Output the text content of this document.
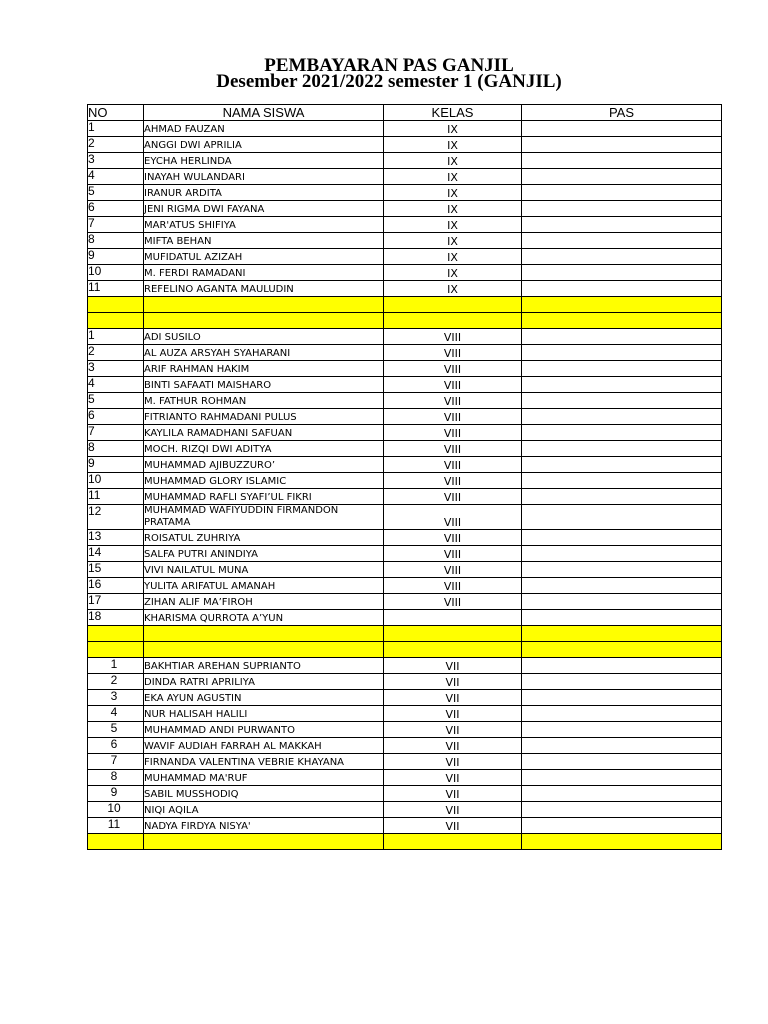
PEMBAYARAN PAS GANJIL
Desember 2021/2022 semester 1 (GANJIL)
NO	NAMA SISWA	KELAS	PAS
1	AHMAD FAUZAN	IX	
2	ANGGI DWI APRILIA	IX	
3	EYCHA HERLINDA	IX	
4	INAYAH WULANDARI	IX	
5	IRANUR ARDITA	IX	
6	JENI RIGMA DWI FAYANA	IX	
7	MAR'ATUS SHIFIYA	IX	
8	MIFTA BEHAN	IX	
9	MUFIDATUL AZIZAH	IX	
10	M. FERDI RAMADANI	IX	
11	REFELINO AGANTA MAULUDIN	IX	

1	ADI SUSILO	VIII	
2	AL AUZA ARSYAH SYAHARANI	VIII	
3	ARIF RAHMAN HAKIM	VIII	
4	BINTI SAFAATI MAISHARO	VIII	
5	M. FATHUR ROHMAN	VIII	
6	FITRIANTO RAHMADANI PULUS	VIII	
7	KAYLILA RAMADHANI SAFUAN	VIII	
8	MOCH. RIZQI DWI ADITYA	VIII	
9	MUHAMMAD AJIBUZZURO’	VIII	
10	MUHAMMAD GLORY ISLAMIC	VIII	
11	MUHAMMAD RAFLI SYAFI’UL FIKRI	VIII	
12	MUHAMMAD WAFIYUDDIN FIRMANDON PRATAMA	VIII	
13	ROISATUL ZUHRIYA	VIII	
14	SALFA PUTRI ANINDIYA	VIII	
15	VIVI NAILATUL MUNA	VIII	
16	YULITA ARIFATUL AMANAH	VIII	
17	ZIHAN ALIF MA’FIROH	VIII	
18	KHARISMA QURROTA A’YUN		

1	BAKHTIAR AREHAN SUPRIANTO	VII	
2	DINDA RATRI APRILIYA	VII	
3	EKA AYUN AGUSTIN	VII	
4	NUR HALISAH HALILI	VII	
5	MUHAMMAD ANDI PURWANTO	VII	
6	WAVIF AUDIAH FARRAH AL MAKKAH	VII	
7	FIRNANDA VALENTINA VEBRIE KHAYANA	VII	
8	MUHAMMAD MA'RUF	VII	
9	SABIL MUSSHODIQ	VII	
10	NIQI AQILA	VII	
11	NADYA FIRDYA NISYA'	VII	
